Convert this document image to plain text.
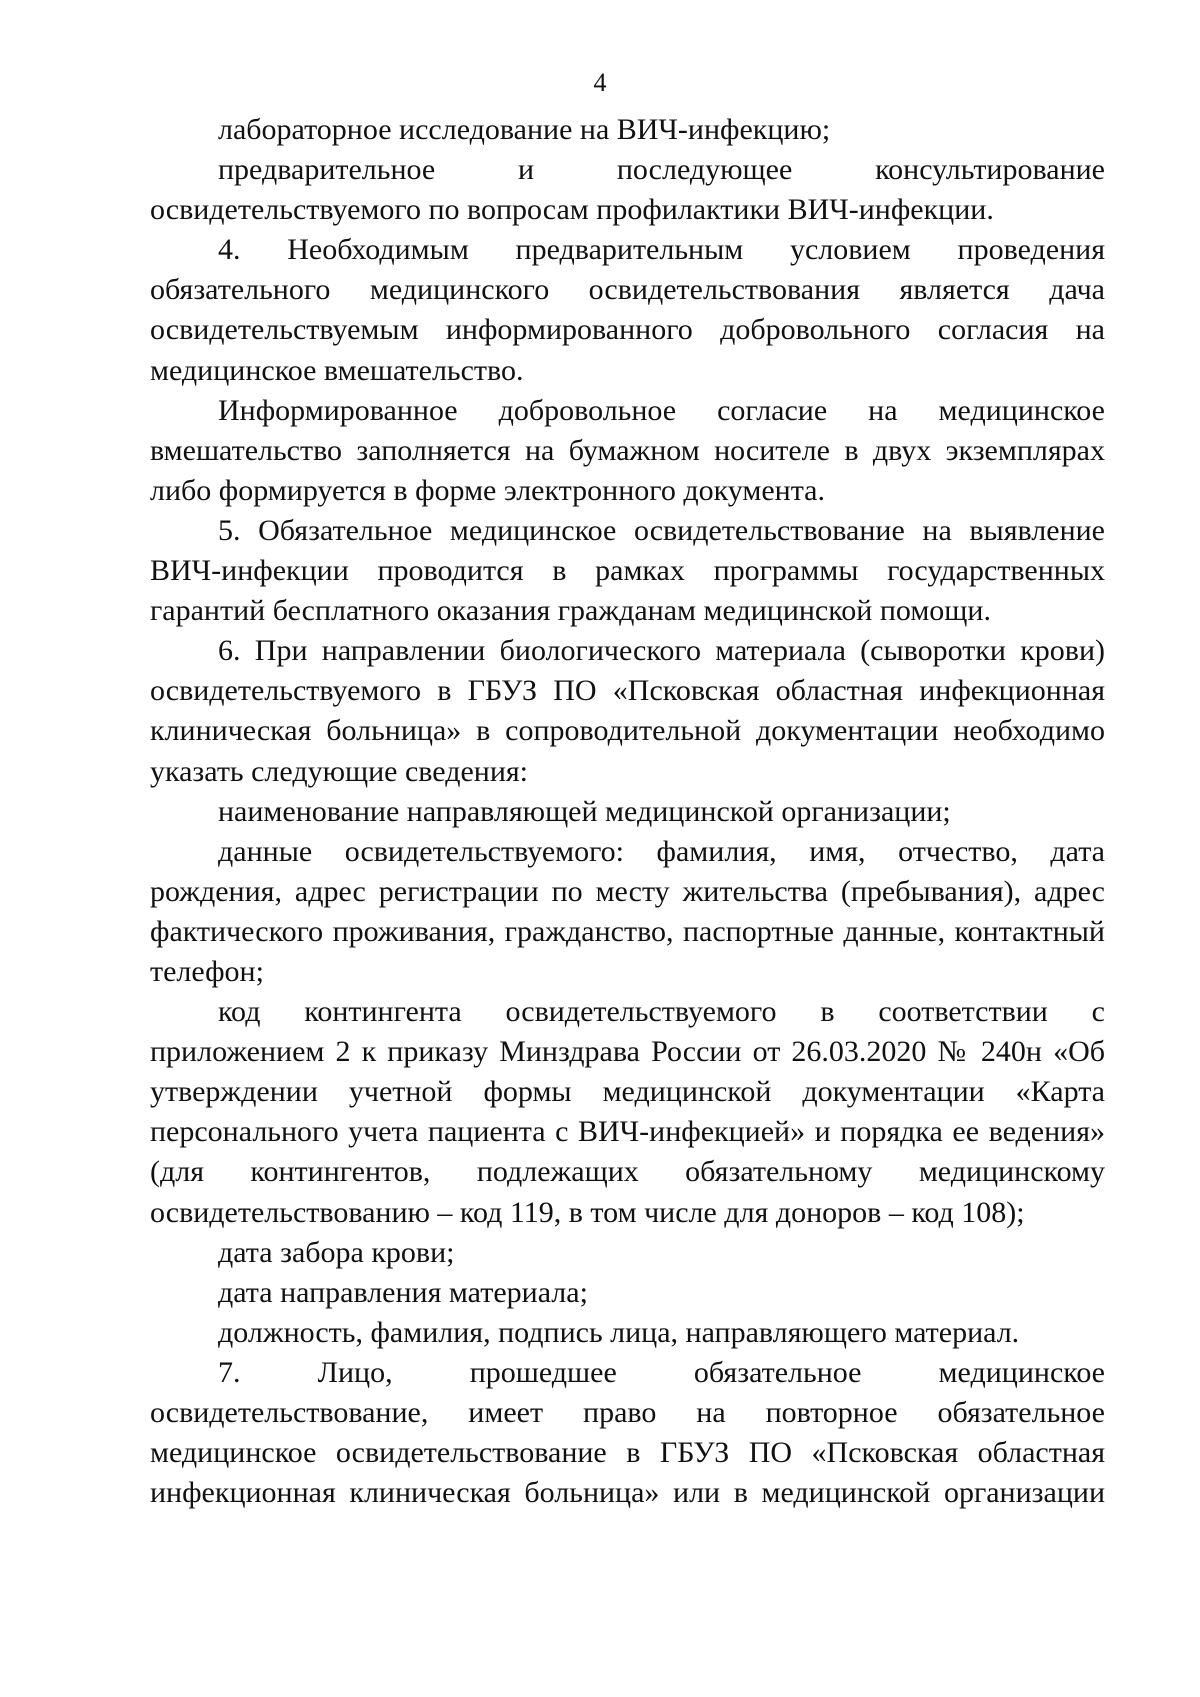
4

лабораторное исследование на ВИЧ-инфекцию;

предварительное и последующее консультирование освидетельствуемого по вопросам профилактики ВИЧ-инфекции.

4. Необходимым предварительным условием проведения обязательного медицинского освидетельствования является дача освидетельствуемым информированного добровольного согласия на медицинское вмешательство.

Информированное добровольное согласие на медицинское вмешательство заполняется на бумажном носителе в двух экземплярах либо формируется в форме электронного документа.

5. Обязательное медицинское освидетельствование на выявление ВИЧ-инфекции проводится в рамках программы государственных гарантий бесплатного оказания гражданам медицинской помощи.

6. При направлении биологического материала (сыворотки крови) освидетельствуемого в ГБУЗ ПО «Псковская областная инфекционная клиническая больница» в сопроводительной документации необходимо указать следующие сведения:

наименование направляющей медицинской организации;

данные освидетельствуемого: фамилия, имя, отчество, дата рождения, адрес регистрации по месту жительства (пребывания), адрес фактического проживания, гражданство, паспортные данные, контактный телефон;

код контингента освидетельствуемого в соответствии с приложением 2 к приказу Минздрава России от 26.03.2020 № 240н «Об утверждении учетной формы медицинской документации «Карта персонального учета пациента с ВИЧ-инфекцией» и порядка ее ведения» (для контингентов, подлежащих обязательному медицинскому освидетельствованию – код 119, в том числе для доноров – код 108);

дата забора крови;

дата направления материала;

должность, фамилия, подпись лица, направляющего материал.

7. Лицо, прошедшее обязательное медицинское освидетельствование, имеет право на повторное обязательное медицинское освидетельствование в ГБУЗ ПО «Псковская областная инфекционная клиническая больница» или в медицинской организации
